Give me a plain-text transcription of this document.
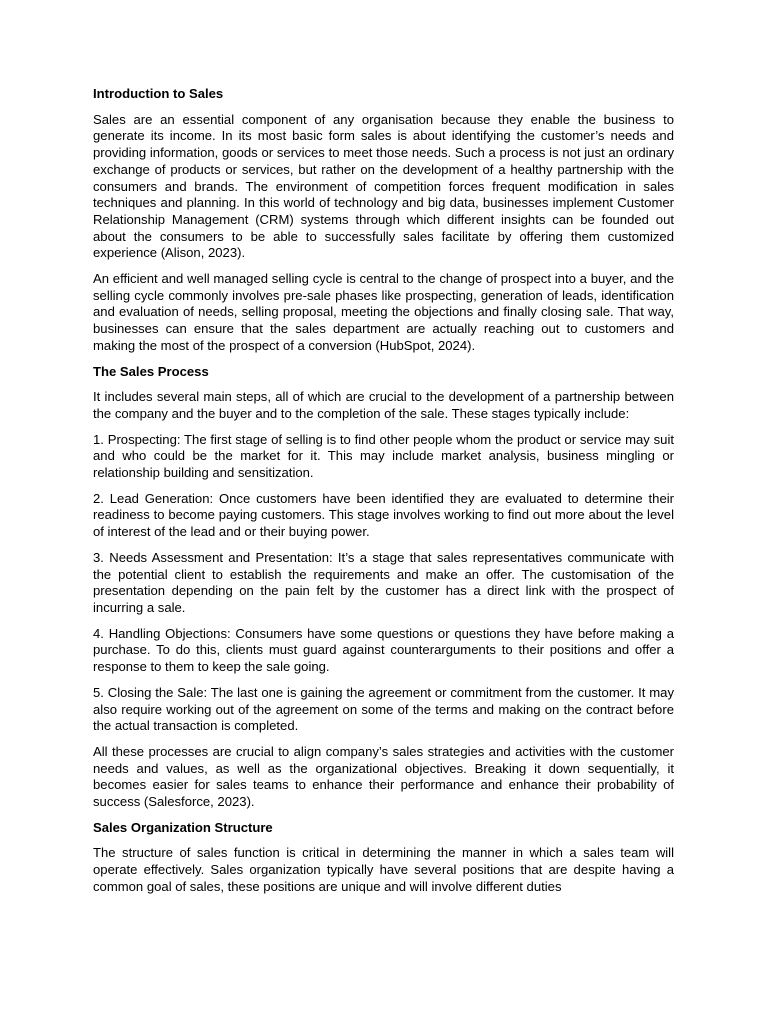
Introduction to Sales

Sales are an essential component of any organisation because they enable the business to generate its income. In its most basic form sales is about identifying the customer’s needs and providing information, goods or services to meet those needs. Such a process is not just an ordinary exchange of products or services, but rather on the development of a healthy partnership with the consumers and brands. The environment of competition forces frequent modification in sales techniques and planning. In this world of technology and big data, businesses implement Customer Relationship Management (CRM) systems through which different insights can be founded out about the consumers to be able to successfully sales facilitate by offering them customized experience (Alison, 2023).

An efficient and well managed selling cycle is central to the change of prospect into a buyer, and the selling cycle commonly involves pre-sale phases like prospecting, generation of leads, identification and evaluation of needs, selling proposal, meeting the objections and finally closing sale. That way, businesses can ensure that the sales department are actually reaching out to customers and making the most of the prospect of a conversion (HubSpot, 2024).

The Sales Process

It includes several main steps, all of which are crucial to the development of a partnership between the company and the buyer and to the completion of the sale. These stages typically include:

1. Prospecting: The first stage of selling is to find other people whom the product or service may suit and who could be the market for it. This may include market analysis, business mingling or relationship building and sensitization.

2. Lead Generation: Once customers have been identified they are evaluated to determine their readiness to become paying customers. This stage involves working to find out more about the level of interest of the lead and or their buying power.

3. Needs Assessment and Presentation: It’s a stage that sales representatives communicate with the potential client to establish the requirements and make an offer. The customisation of the presentation depending on the pain felt by the customer has a direct link with the prospect of incurring a sale.

4. Handling Objections: Consumers have some questions or questions they have before making a purchase. To do this, clients must guard against counterarguments to their positions and offer a response to them to keep the sale going.

5. Closing the Sale: The last one is gaining the agreement or commitment from the customer. It may also require working out of the agreement on some of the terms and making on the contract before the actual transaction is completed.

All these processes are crucial to align company’s sales strategies and activities with the customer needs and values, as well as the organizational objectives. Breaking it down sequentially, it becomes easier for sales teams to enhance their performance and enhance their probability of success (Salesforce, 2023).

Sales Organization Structure

The structure of sales function is critical in determining the manner in which a sales team will operate effectively. Sales organization typically have several positions that are despite having a common goal of sales, these positions are unique and will involve different duties
